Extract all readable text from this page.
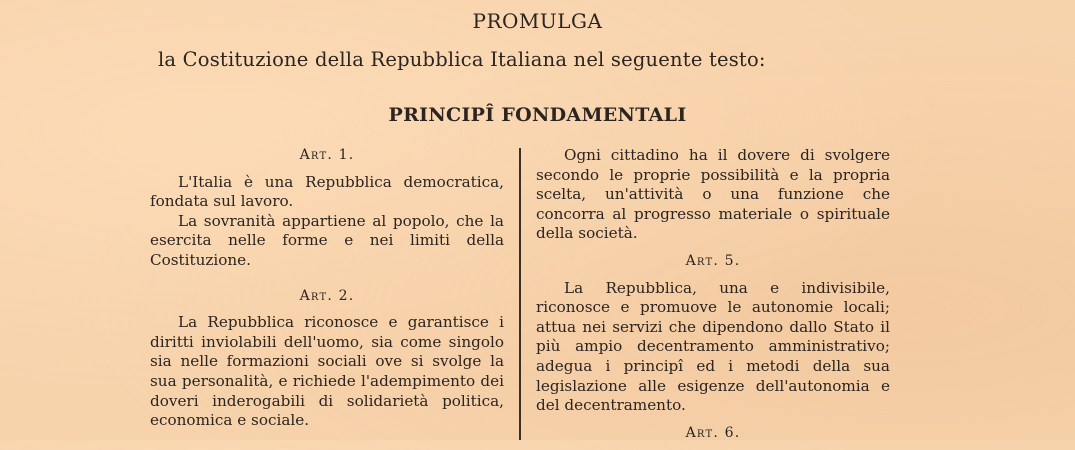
PROMULGA
la Costituzione della Repubblica Italiana nel seguente testo:
PRINCIPÎ FONDAMENTALI
Art. 1.

L'Italia è una Repubblica democratica, fondata sul lavoro.

La sovranità appartiene al popolo, che la esercita nelle forme e nei limiti della Costituzione.

Art. 2.

La Repubblica riconosce e garantisce i diritti inviolabili dell'uomo, sia come singolo sia nelle formazioni sociali ove si svolge la sua personalità, e richiede l'adempimento dei doveri inderogabili di solidarietà politica, economica e sociale.

Ogni cittadino ha il dovere di svolgere secondo le proprie possibilità e la propria scelta, un'attività o una funzione che concorra al progresso materiale o spirituale della società.

Art. 5.

La Repubblica, una e indivisibile, riconosce e promuove le autonomie locali; attua nei servizi che dipendono dallo Stato il più ampio decentramento amministrativo; adegua i principî ed i metodi della sua legislazione alle esigenze dell'autonomia e del decentramento.

Art. 6.
